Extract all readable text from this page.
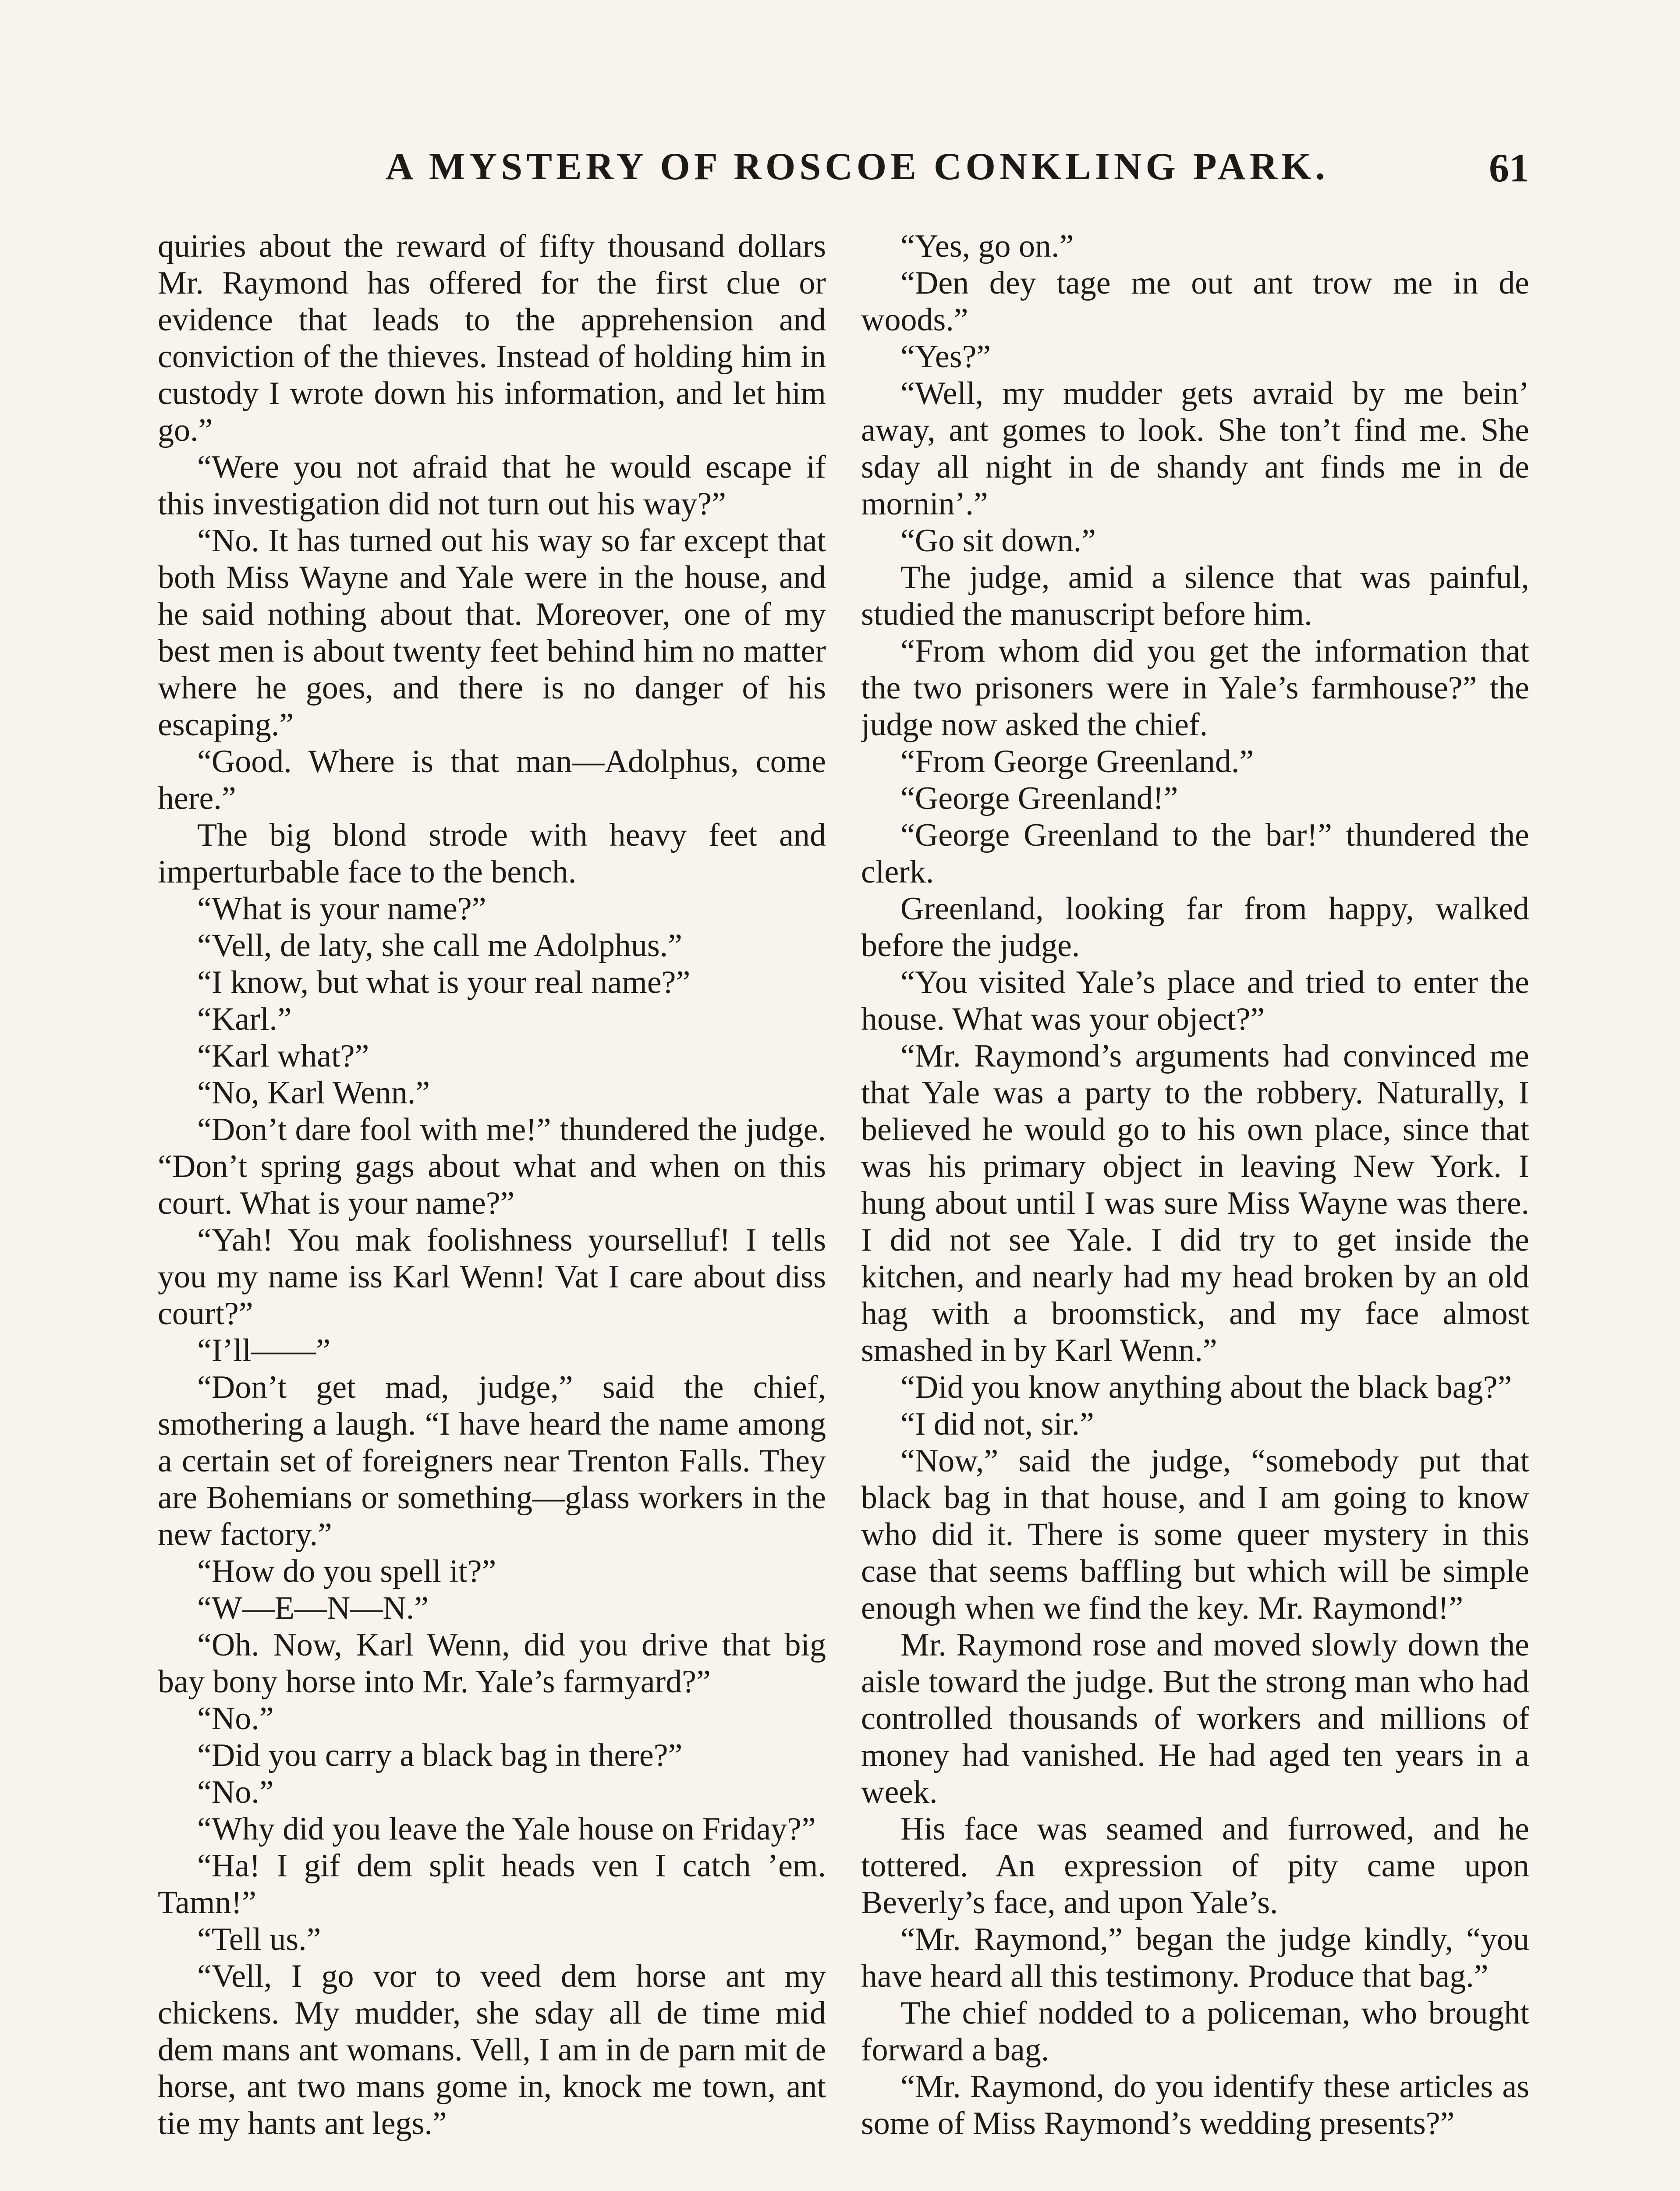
A MYSTERY OF ROSCOE CONKLING PARK.	61

quiries about the reward of fifty thousand dollars Mr. Raymond has offered for the first clue or evidence that leads to the apprehension and conviction of the thieves. Instead of holding him in custody I wrote down his information, and let him go.”

“Were you not afraid that he would escape if this investigation did not turn out his way?”

“No. It has turned out his way so far except that both Miss Wayne and Yale were in the house, and he said nothing about that. Moreover, one of my best men is about twenty feet behind him no matter where he goes, and there is no danger of his escaping.”

“Good. Where is that man—Adolphus, come here.”

The big blond strode with heavy feet and imperturbable face to the bench.

“What is your name?”

“Vell, de laty, she call me Adolphus.”

“I know, but what is your real name?”

“Karl.”

“Karl what?”

“No, Karl Wenn.”

“Don’t dare fool with me!” thundered the judge. “Don’t spring gags about what and when on this court. What is your name?”

“Yah! You mak foolishness yourselluf! I tells you my name iss Karl Wenn! Vat I care about diss court?”

“I’ll——”

“Don’t get mad, judge,” said the chief, smothering a laugh. “I have heard the name among a certain set of foreigners near Trenton Falls. They are Bohemians or something—glass workers in the new factory.”

“How do you spell it?”

“W—E—N—N.”

“Oh. Now, Karl Wenn, did you drive that big bay bony horse into Mr. Yale’s farmyard?”

“No.”

“Did you carry a black bag in there?”

“No.”

“Why did you leave the Yale house on Friday?”

“Ha! I gif dem split heads ven I catch ’em. Tamn!”

“Tell us.”

“Vell, I go vor to veed dem horse ant my chickens. My mudder, she sday all de time mid dem mans ant womans. Vell, I am in de parn mit de horse, ant two mans gome in, knock me town, ant tie my hants ant legs.”

“Yes, go on.”

“Den dey tage me out ant trow me in de woods.”

“Yes?”

“Well, my mudder gets avraid by me bein’ away, ant gomes to look. She ton’t find me. She sday all night in de shandy ant finds me in de mornin’.”

“Go sit down.”

The judge, amid a silence that was painful, studied the manuscript before him.

“From whom did you get the information that the two prisoners were in Yale’s farmhouse?” the judge now asked the chief.

“From George Greenland.”

“George Greenland!”

“George Greenland to the bar!” thundered the clerk.

Greenland, looking far from happy, walked before the judge.

“You visited Yale’s place and tried to enter the house. What was your object?”

“Mr. Raymond’s arguments had convinced me that Yale was a party to the robbery. Naturally, I believed he would go to his own place, since that was his primary object in leaving New York. I hung about until I was sure Miss Wayne was there. I did not see Yale. I did try to get inside the kitchen, and nearly had my head broken by an old hag with a broomstick, and my face almost smashed in by Karl Wenn.”

“Did you know anything about the black bag?”

“I did not, sir.”

“Now,” said the judge, “somebody put that black bag in that house, and I am going to know who did it. There is some queer mystery in this case that seems baffling but which will be simple enough when we find the key. Mr. Raymond!”

Mr. Raymond rose and moved slowly down the aisle toward the judge. But the strong man who had controlled thousands of workers and millions of money had vanished. He had aged ten years in a week.

His face was seamed and furrowed, and he tottered. An expression of pity came upon Beverly’s face, and upon Yale’s.

“Mr. Raymond,” began the judge kindly, “you have heard all this testimony. Produce that bag.”

The chief nodded to a policeman, who brought forward a bag.

“Mr. Raymond, do you identify these articles as some of Miss Raymond’s wedding presents?”
